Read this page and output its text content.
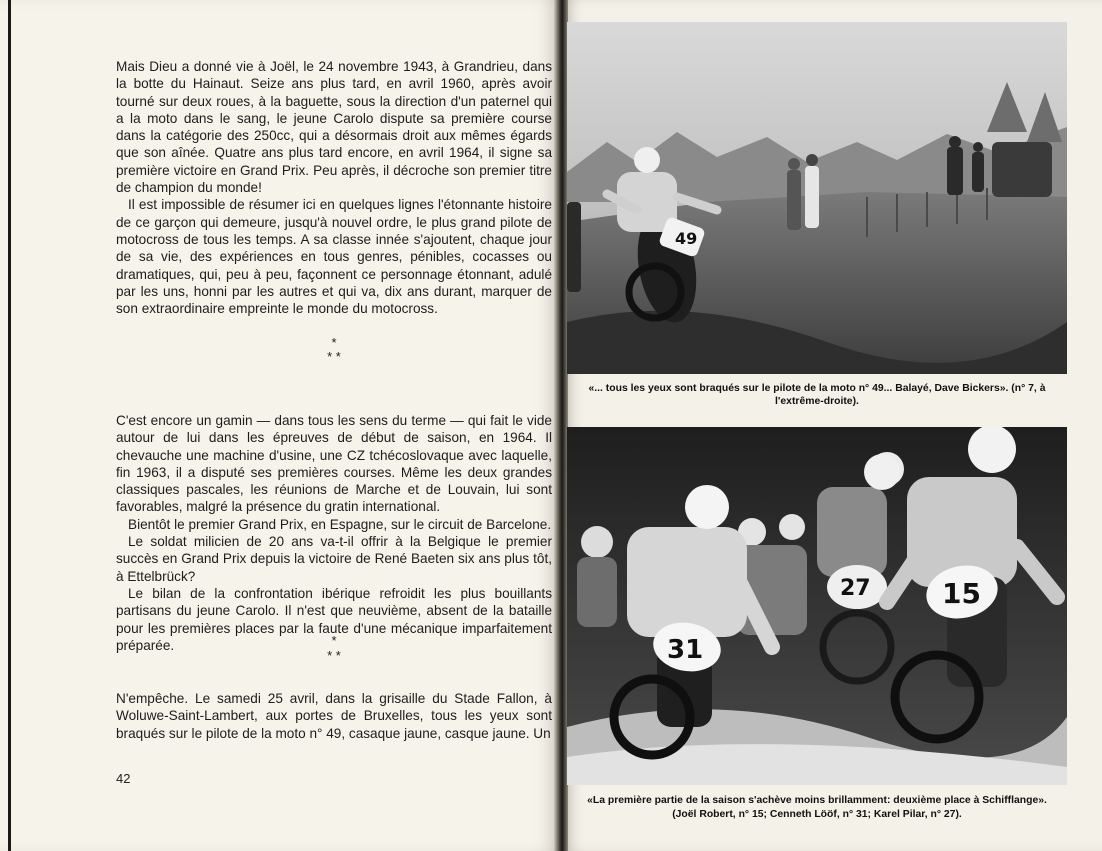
Mais Dieu a donné vie à Joël, le 24 novembre 1943, à Grandrieu, dans la botte du Hainaut. Seize ans plus tard, en avril 1960, après avoir tourné sur deux roues, à la baguette, sous la direction d'un paternel qui a la moto dans le sang, le jeune Carolo dispute sa première course dans la catégorie des 250cc, qui a désormais droit aux mêmes égards que son aînée. Quatre ans plus tard encore, en avril 1964, il signe sa première victoire en Grand Prix. Peu après, il décroche son premier titre de champion du monde!

Il est impossible de résumer ici en quelques lignes l'étonnante histoire de ce garçon qui demeure, jusqu'à nouvel ordre, le plus grand pilote de motocross de tous les temps. A sa classe innée s'ajoutent, chaque jour de sa vie, des expériences en tous genres, pénibles, cocasses ou dramatiques, qui, peu à peu, façonnent ce personnage étonnant, adulé par les uns, honni par les autres et qui va, dix ans durant, marquer de son extraordinaire empreinte le monde du motocross.

*
* *

C'est encore un gamin — dans tous les sens du terme — qui fait le vide autour de lui dans les épreuves de début de saison, en 1964. Il chevauche une machine d'usine, une CZ tchécoslovaque avec laquelle, fin 1963, il a disputé ses premières courses. Même les deux grandes classiques pascales, les réunions de Marche et de Louvain, lui sont favorables, malgré la présence du gratin international.

Bientôt le premier Grand Prix, en Espagne, sur le circuit de Barcelone.

Le soldat milicien de 20 ans va-t-il offrir à la Belgique le premier succès en Grand Prix depuis la victoire de René Baeten six ans plus tôt, à Ettelbrück?

Le bilan de la confrontation ibérique refroidit les plus bouillants partisans du jeune Carolo. Il n'est que neuvième, absent de la bataille pour les premières places par la faute d'une mécanique imparfaitement préparée.	*
* *

N'empêche. Le samedi 25 avril, dans la grisaille du Stade Fallon, à Woluwe-Saint-Lambert, aux portes de Bruxelles, tous les yeux sont braqués sur le pilote de la moto n° 49, casaque jaune, casque jaune. Un

42
49
«... tous les yeux sont braqués sur le pilote de la moto n° 49... Balayé, Dave Bickers». (n° 7, à l'extrême-droite).
27	15
31
«La première partie de la saison s'achève moins brillamment: deuxième place à Schifflange».
(Joël Robert, n° 15; Cenneth Lööf, n° 31; Karel Pilar, n° 27).
